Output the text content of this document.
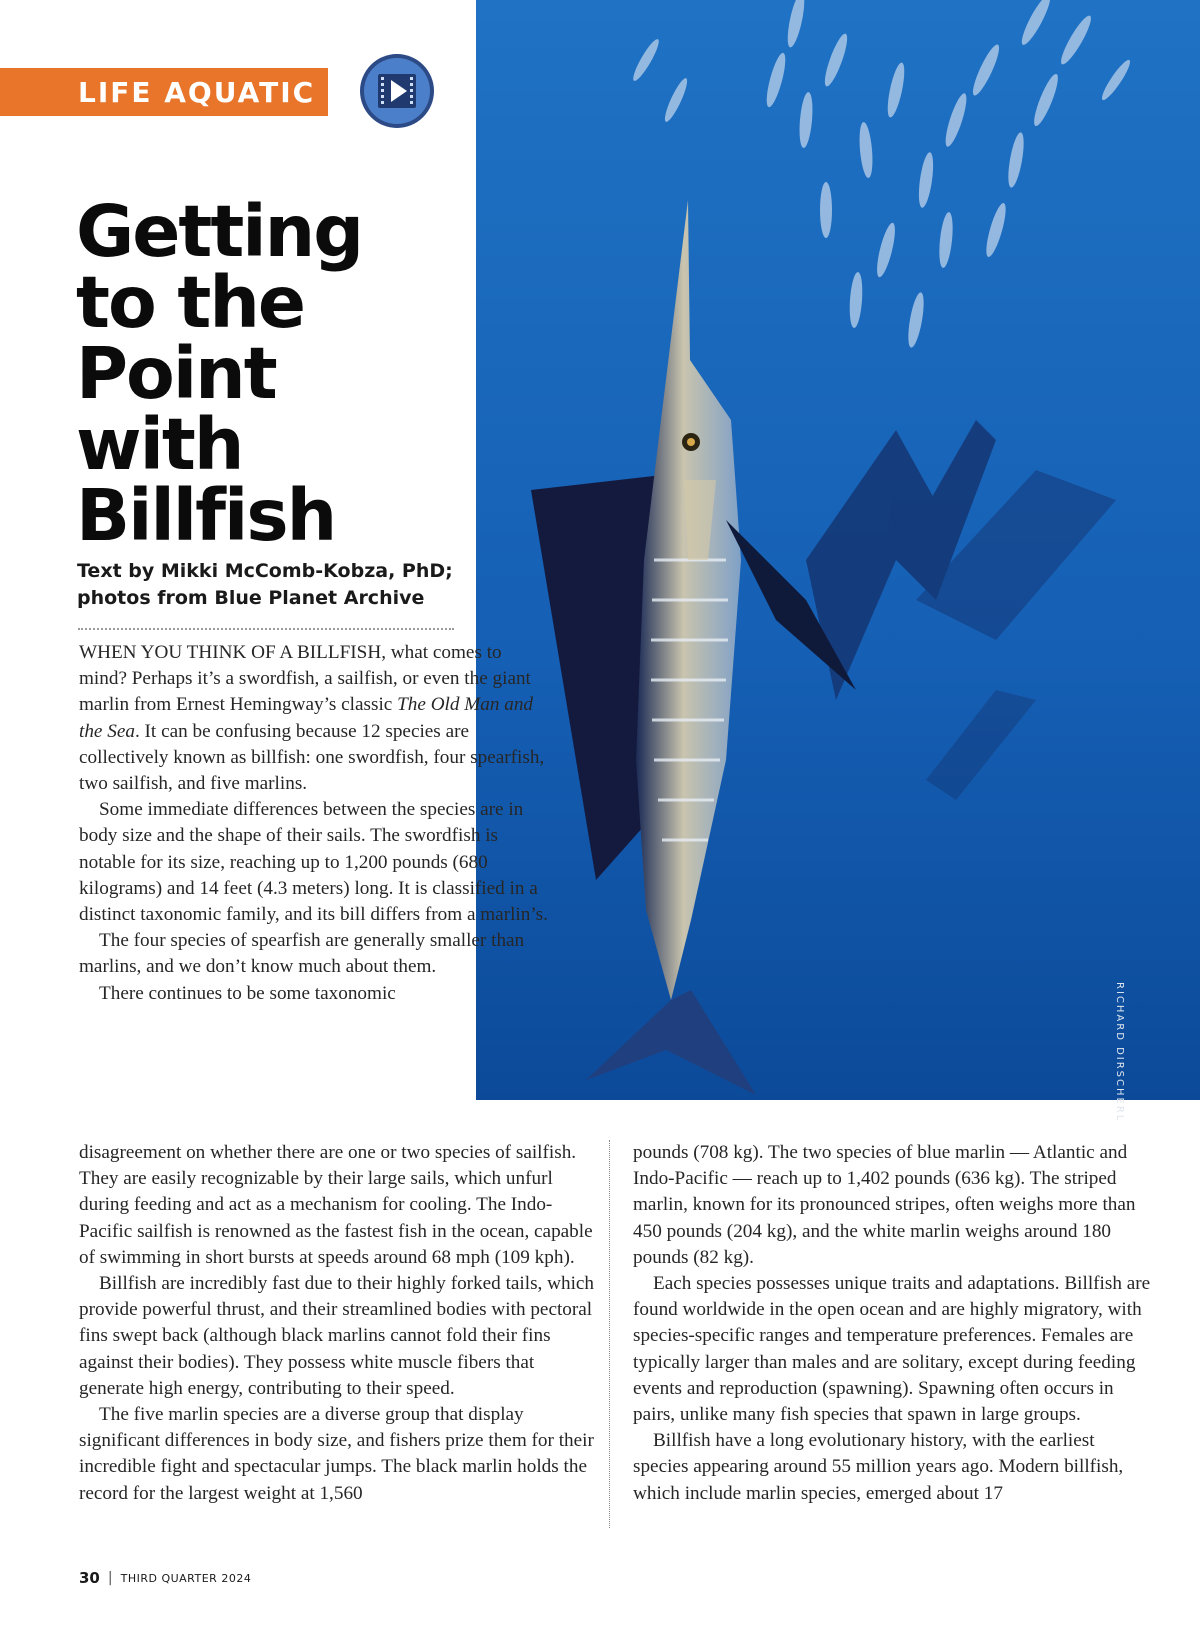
LIFE AQUATIC
Getting
to the
Point
with
Billfish
Text by Mikki McComb-Kobza, PhD;
photos from Blue Planet Archive
RICHARD DIRSCHERL

WHEN YOU THINK OF A BILLFISH, what comes to mind? Perhaps it’s a swordfish, a sailfish, or even the giant marlin from Ernest Hemingway’s classic The Old Man and the Sea. It can be confusing because 12 species are collectively known as billfish: one swordfish, four spearfish, two sailfish, and five marlins.

Some immediate differences between the species are in body size and the shape of their sails. The swordfish is notable for its size, reaching up to 1,200 pounds (680 kilograms) and 14 feet (4.3 meters) long. It is classified in a distinct taxonomic family, and its bill differs from a marlin’s.

The four species of spearfish are generally smaller than marlins, and we don’t know much about them.

There continues to be some taxonomic

disagreement on whether there are one or two species of sailfish. They are easily recognizable by their large sails, which unfurl during feeding and act as a mechanism for cooling. The Indo-Pacific sailfish is renowned as the fastest fish in the ocean, capable of swimming in short bursts at speeds around 68 mph (109 kph).

Billfish are incredibly fast due to their highly forked tails, which provide powerful thrust, and their streamlined bodies with pectoral fins swept back (although black marlins cannot fold their fins against their bodies). They possess white muscle fibers that generate high energy, contributing to their speed.

The five marlin species are a diverse group that display significant differences in body size, and fishers prize them for their incredible fight and spectacular jumps. The black marlin holds the record for the largest weight at 1,560

pounds (708 kg). The two species of blue marlin — Atlantic and Indo-Pacific — reach up to 1,402 pounds (636 kg). The striped marlin, known for its pronounced stripes, often weighs more than 450 pounds (204 kg), and the white marlin weighs around 180 pounds (82 kg).

Each species possesses unique traits and adaptations. Billfish are found worldwide in the open ocean and are highly migratory, with species-specific ranges and temperature preferences. Females are typically larger than males and are solitary, except during feeding events and reproduction (spawning). Spawning often occurs in pairs, unlike many fish species that spawn in large groups.

Billfish have a long evolutionary history, with the earliest species appearing around 55 million years ago. Modern billfish, which include marlin species, emerged about 17

30 | THIRD QUARTER 2024
